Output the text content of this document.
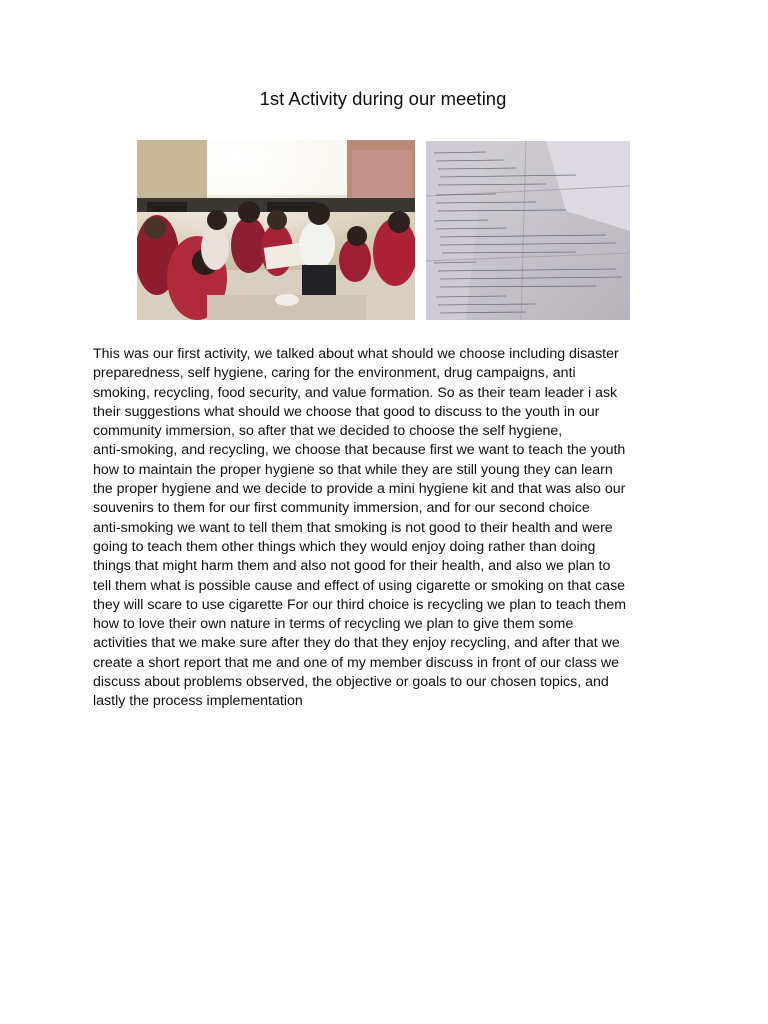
1st Activity during our meeting

This was our first activity, we talked about what should we choose including disaster
preparedness, self hygiene, caring for the environment, drug campaigns, anti
smoking, recycling, food security, and value formation. So as their team leader i ask
their suggestions what should we choose that good to discuss to the youth in our
community immersion, so after that we decided to choose the self hygiene,
anti-smoking, and recycling, we choose that because first we want to teach the youth
how to maintain the proper hygiene so that while they are still young they can learn
the proper hygiene and we decide to provide a mini hygiene kit and that was also our
souvenirs to them for our first community immersion, and for our second choice
anti-smoking we want to tell them that smoking is not good to their health and were
going to teach them other things which they would enjoy doing rather than doing
things that might harm them and also not good for their health, and also we plan to
tell them what is possible cause and effect of using cigarette or smoking on that case
they will scare to use cigarette For our third choice is recycling we plan to teach them
how to love their own nature in terms of recycling we plan to give them some
activities that we make sure after they do that they enjoy recycling, and after that we
create a short report that me and one of my member discuss in front of our class we
discuss about problems observed, the objective or goals to our chosen topics, and
lastly the process implementation
